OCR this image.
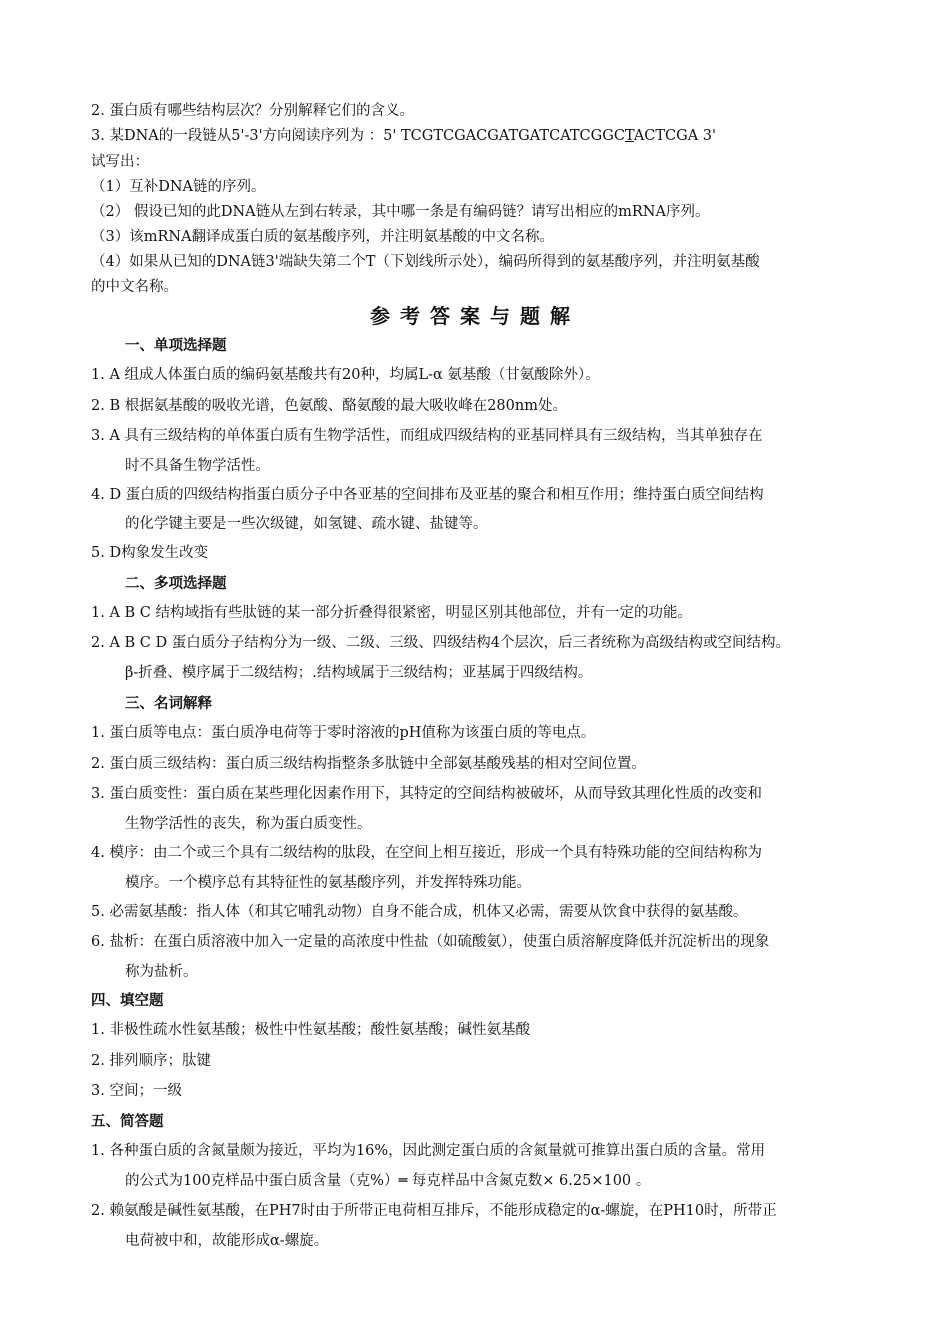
2. 蛋白质有哪些结构层次？分别解释它们的含义。
3. 某DNA的一段链从5'-3'方向阅读序列为 ：5' TCGTCGACGATGATCATCGGCTACTCGA 3'
试写出：
（1）互补DNA链的序列。
（2） 假设已知的此DNA链从左到右转录，其中哪一条是有编码链？请写出相应的mRNA序列。
（3）该mRNA翻译成蛋白质的氨基酸序列，并注明氨基酸的中文名称。
（4）如果从已知的DNA链3'端缺失第二个T（下划线所示处），编码所得到的氨基酸序列，并注明氨基酸
的中文名称。
参考答案与题解
一、单项选择题
1. A 组成人体蛋白质的编码氨基酸共有20种，均属L-α 氨基酸（甘氨酸除外）。
2. B 根据氨基酸的吸收光谱，色氨酸、酪氨酸的最大吸收峰在280nm处。
3. A 具有三级结构的单体蛋白质有生物学活性，而组成四级结构的亚基同样具有三级结构，当其单独存在
时不具备生物学活性。
4. D 蛋白质的四级结构指蛋白质分子中各亚基的空间排布及亚基的聚合和相互作用；维持蛋白质空间结构
的化学键主要是一些次级键，如氢键、疏水键、盐键等。
5. D构象发生改变
二、多项选择题
1. A B C 结构域指有些肽链的某一部分折叠得很紧密，明显区别其他部位，并有一定的功能。
2. A B C D 蛋白质分子结构分为一级、二级、三级、四级结构4个层次，后三者统称为高级结构或空间结构。
β-折叠、模序属于二级结构；.结构域属于三级结构；亚基属于四级结构。
三、名词解释
1. 蛋白质等电点：蛋白质净电荷等于零时溶液的pH值称为该蛋白质的等电点。
2. 蛋白质三级结构：蛋白质三级结构指整条多肽链中全部氨基酸残基的相对空间位置。
3. 蛋白质变性：蛋白质在某些理化因素作用下，其特定的空间结构被破坏，从而导致其理化性质的改变和
生物学活性的丧失，称为蛋白质变性。
4. 模序：由二个或三个具有二级结构的肽段，在空间上相互接近，形成一个具有特殊功能的空间结构称为
模序。一个模序总有其特征性的氨基酸序列，并发挥特殊功能。
5. 必需氨基酸：指人体（和其它哺乳动物）自身不能合成，机体又必需，需要从饮食中获得的氨基酸。
6. 盐析：在蛋白质溶液中加入一定量的高浓度中性盐（如硫酸氨），使蛋白质溶解度降低并沉淀析出的现象
称为盐析。
四、填空题
1. 非极性疏水性氨基酸；极性中性氨基酸；酸性氨基酸；碱性氨基酸
2. 排列顺序；肽键
3. 空间；一级
五、简答题
1. 各种蛋白质的含氮量颇为接近，平均为16%，因此测定蛋白质的含氮量就可推算出蛋白质的含量。常用
的公式为100克样品中蛋白质含量（克%）═ 每克样品中含氮克数× 6.25×100 。
2. 赖氨酸是碱性氨基酸，在PH7时由于所带正电荷相互排斥，不能形成稳定的α-螺旋，在PH10时，所带正
电荷被中和，故能形成α-螺旋。
